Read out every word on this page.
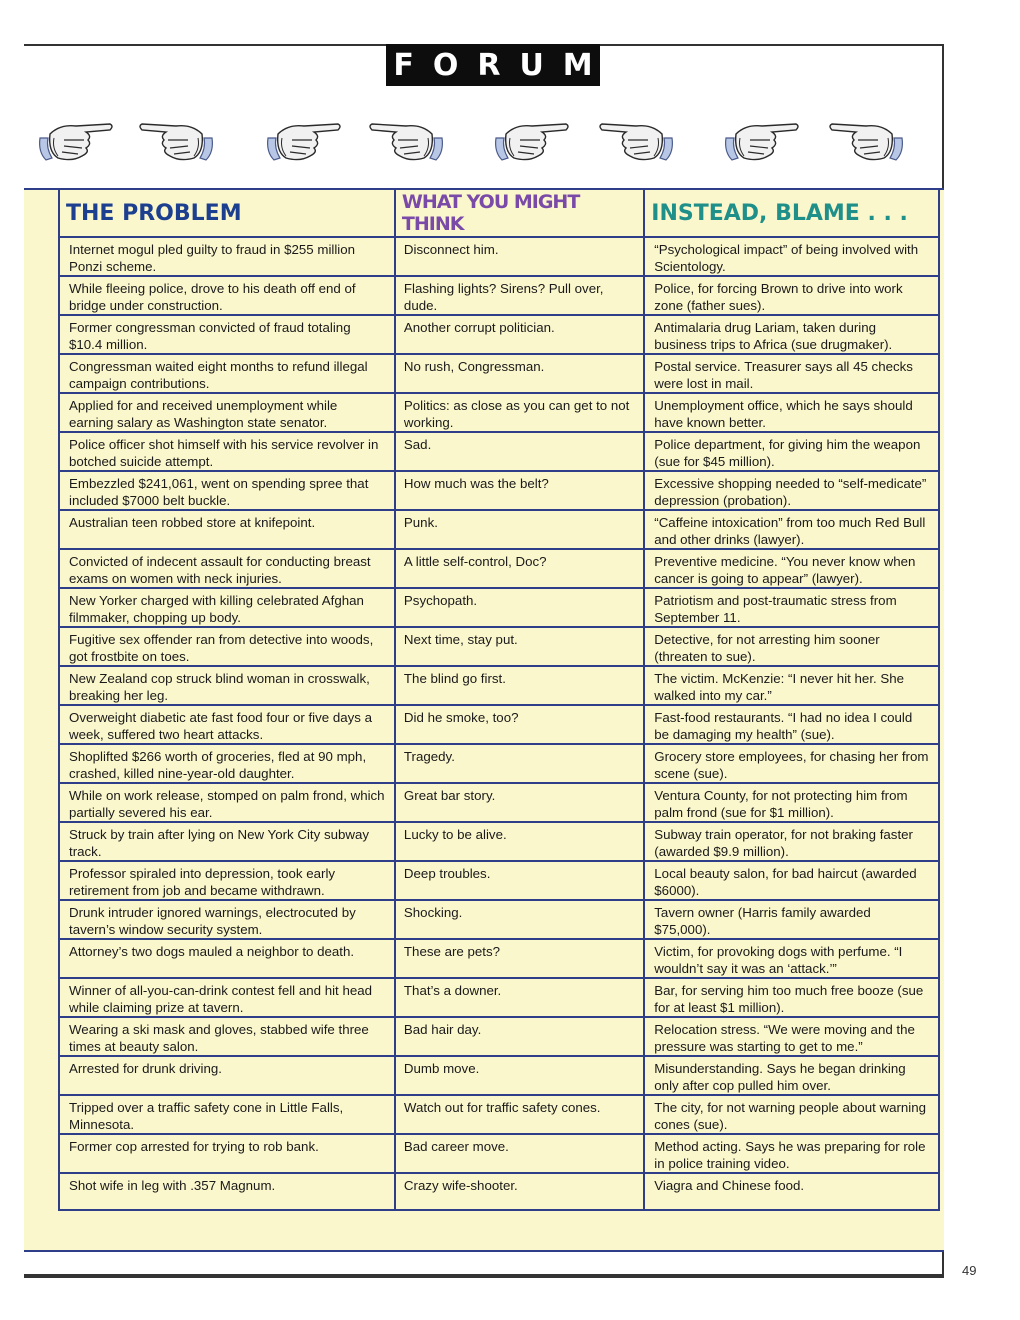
FORUM
THE PROBLEM	WHAT YOU MIGHT THINK	INSTEAD, BLAME . . .
Internet mogul pled guilty to fraud in $255 million Ponzi scheme.	Disconnect him.	“Psychological impact” of being involved with Scientology.
While fleeing police, drove to his death off end of bridge under construction.	Flashing lights? Sirens? Pull over, dude.	Police, for forcing Brown to drive into work zone (father sues).
Former congressman convicted of fraud totaling $10.4 million.	Another corrupt politician.	Antimalaria drug Lariam, taken during business trips to Africa (sue drugmaker).
Congressman waited eight months to refund illegal campaign contributions.	No rush, Congressman.	Postal service. Treasurer says all 45 checks were lost in mail.
Applied for and received unemployment while earning salary as Washington state senator.	Politics: as close as you can get to not working.	Unemployment office, which he says should have known better.
Police officer shot himself with his service revolver in botched suicide attempt.	Sad.	Police department, for giving him the weapon (sue for $45 million).
Embezzled $241,061, went on spending spree that included $7000 belt buckle.	How much was the belt?	Excessive shopping needed to “self-medicate” depression (probation).
Australian teen robbed store at knifepoint.	Punk.	“Caffeine intoxication” from too much Red Bull and other drinks (lawyer).
Convicted of indecent assault for conducting breast exams on women with neck injuries.	A little self-control, Doc?	Preventive medicine. “You never know when cancer is going to appear” (lawyer).
New Yorker charged with killing celebrated Afghan filmmaker, chopping up body.	Psychopath.	Patriotism and post-traumatic stress from September 11.
Fugitive sex offender ran from detective into woods, got frostbite on toes.	Next time, stay put.	Detective, for not arresting him sooner (threaten to sue).
New Zealand cop struck blind woman in crosswalk, breaking her leg.	The blind go first.	The victim. McKenzie: “I never hit her. She walked into my car.”
Overweight diabetic ate fast food four or five days a week, suffered two heart attacks.	Did he smoke, too?	Fast-food restaurants. “I had no idea I could be damaging my health” (sue).
Shoplifted $266 worth of groceries, fled at 90 mph, crashed, killed nine-year-old daughter.	Tragedy.	Grocery store employees, for chasing her from scene (sue).
While on work release, stomped on palm frond, which partially severed his ear.	Great bar story.	Ventura County, for not protecting him from palm frond (sue for $1 million).
Struck by train after lying on New York City subway track.	Lucky to be alive.	Subway train operator, for not braking faster (awarded $9.9 million).
Professor spiraled into depression, took early retirement from job and became withdrawn.	Deep troubles.	Local beauty salon, for bad haircut (awarded $6000).
Drunk intruder ignored warnings, electrocuted by tavern’s window security system.	Shocking.	Tavern owner (Harris family awarded $75,000).
Attorney’s two dogs mauled a neighbor to death.	These are pets?	Victim, for provoking dogs with perfume. “I wouldn’t say it was an ‘attack.’”
Winner of all-you-can-drink contest fell and hit head while claiming prize at tavern.	That’s a downer.	Bar, for serving him too much free booze (sue for at least $1 million).
Wearing a ski mask and gloves, stabbed wife three times at beauty salon.	Bad hair day.	Relocation stress. “We were moving and the pressure was starting to get to me.”
Arrested for drunk driving.	Dumb move.	Misunderstanding. Says he began drinking only after cop pulled him over.
Tripped over a traffic safety cone in Little Falls, Minnesota.	Watch out for traffic safety cones.	The city, for not warning people about warning cones (sue).
Former cop arrested for trying to rob bank.	Bad career move.	Method acting. Says he was preparing for role in police training video.
Shot wife in leg with .357 Magnum.	Crazy wife-shooter.	Viagra and Chinese food.
49
